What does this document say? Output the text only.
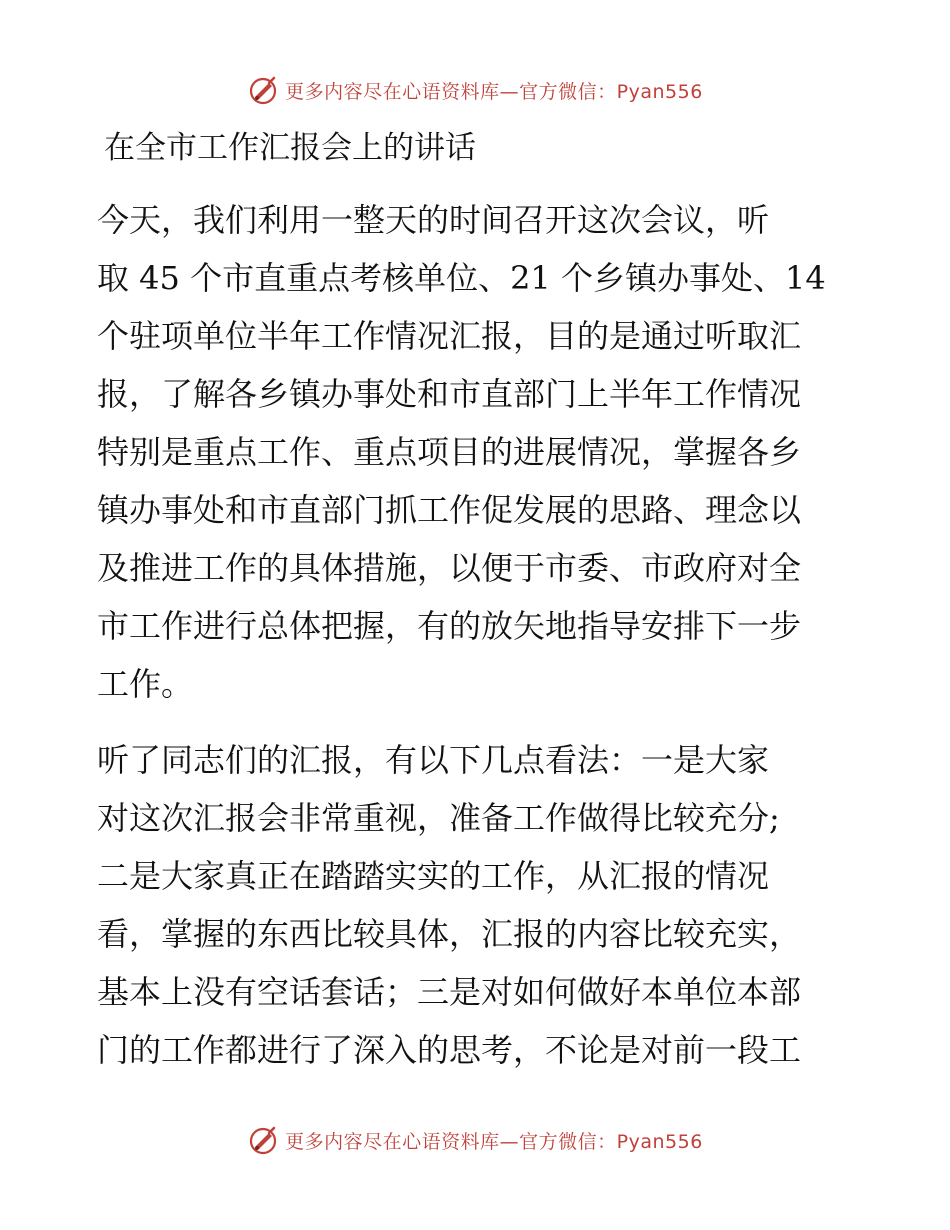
更多内容尽在心语资料库—官方微信：Pyan556
在全市工作汇报会上的讲话
今天，我们利用一整天的时间召开这次会议，听
取 45 个市直重点考核单位、21 个乡镇办事处、14
个驻项单位半年工作情况汇报，目的是通过听取汇
报，了解各乡镇办事处和市直部门上半年工作情况
特别是重点工作、重点项目的进展情况，掌握各乡
镇办事处和市直部门抓工作促发展的思路、理念以
及推进工作的具体措施，以便于市委、市政府对全
市工作进行总体把握，有的放矢地指导安排下一步
工作。
听了同志们的汇报，有以下几点看法：一是大家
对这次汇报会非常重视，准备工作做得比较充分;
二是大家真正在踏踏实实的工作，从汇报的情况
看，掌握的东西比较具体，汇报的内容比较充实，
基本上没有空话套话；三是对如何做好本单位本部
门的工作都进行了深入的思考，不论是对前一段工
更多内容尽在心语资料库—官方微信：Pyan556
